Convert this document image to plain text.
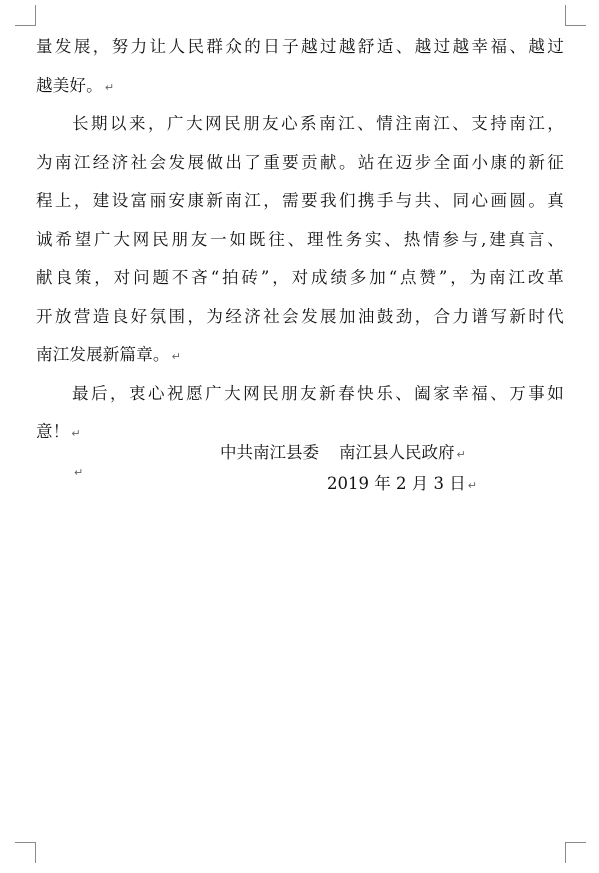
量发展，努力让人民群众的日子越过越舒适、越过越幸福、越过
越美好。 ↵
长期以来，广大网民朋友心系南江、情注南江、支持南江，
为南江经济社会发展做出了重要贡献。站在迈步全面小康的新征
程上，建设富丽安康新南江，需要我们携手与共、同心画圆。真
诚希望广大网民朋友一如既往、理性务实、热情参与,建真言、
献良策，对问题不吝“拍砖”，对成绩多加“点赞”，为南江改革
开放营造良好氛围，为经济社会发展加油鼓劲，合力谱写新时代
南江发展新篇章。 ↵
最后，衷心祝愿广大网民朋友新春快乐、阖家幸福、万事如
意！ ↵
↵
中共南江县委 南江县人民政府 ↵
2019 年 2 月 3 日 ↵
